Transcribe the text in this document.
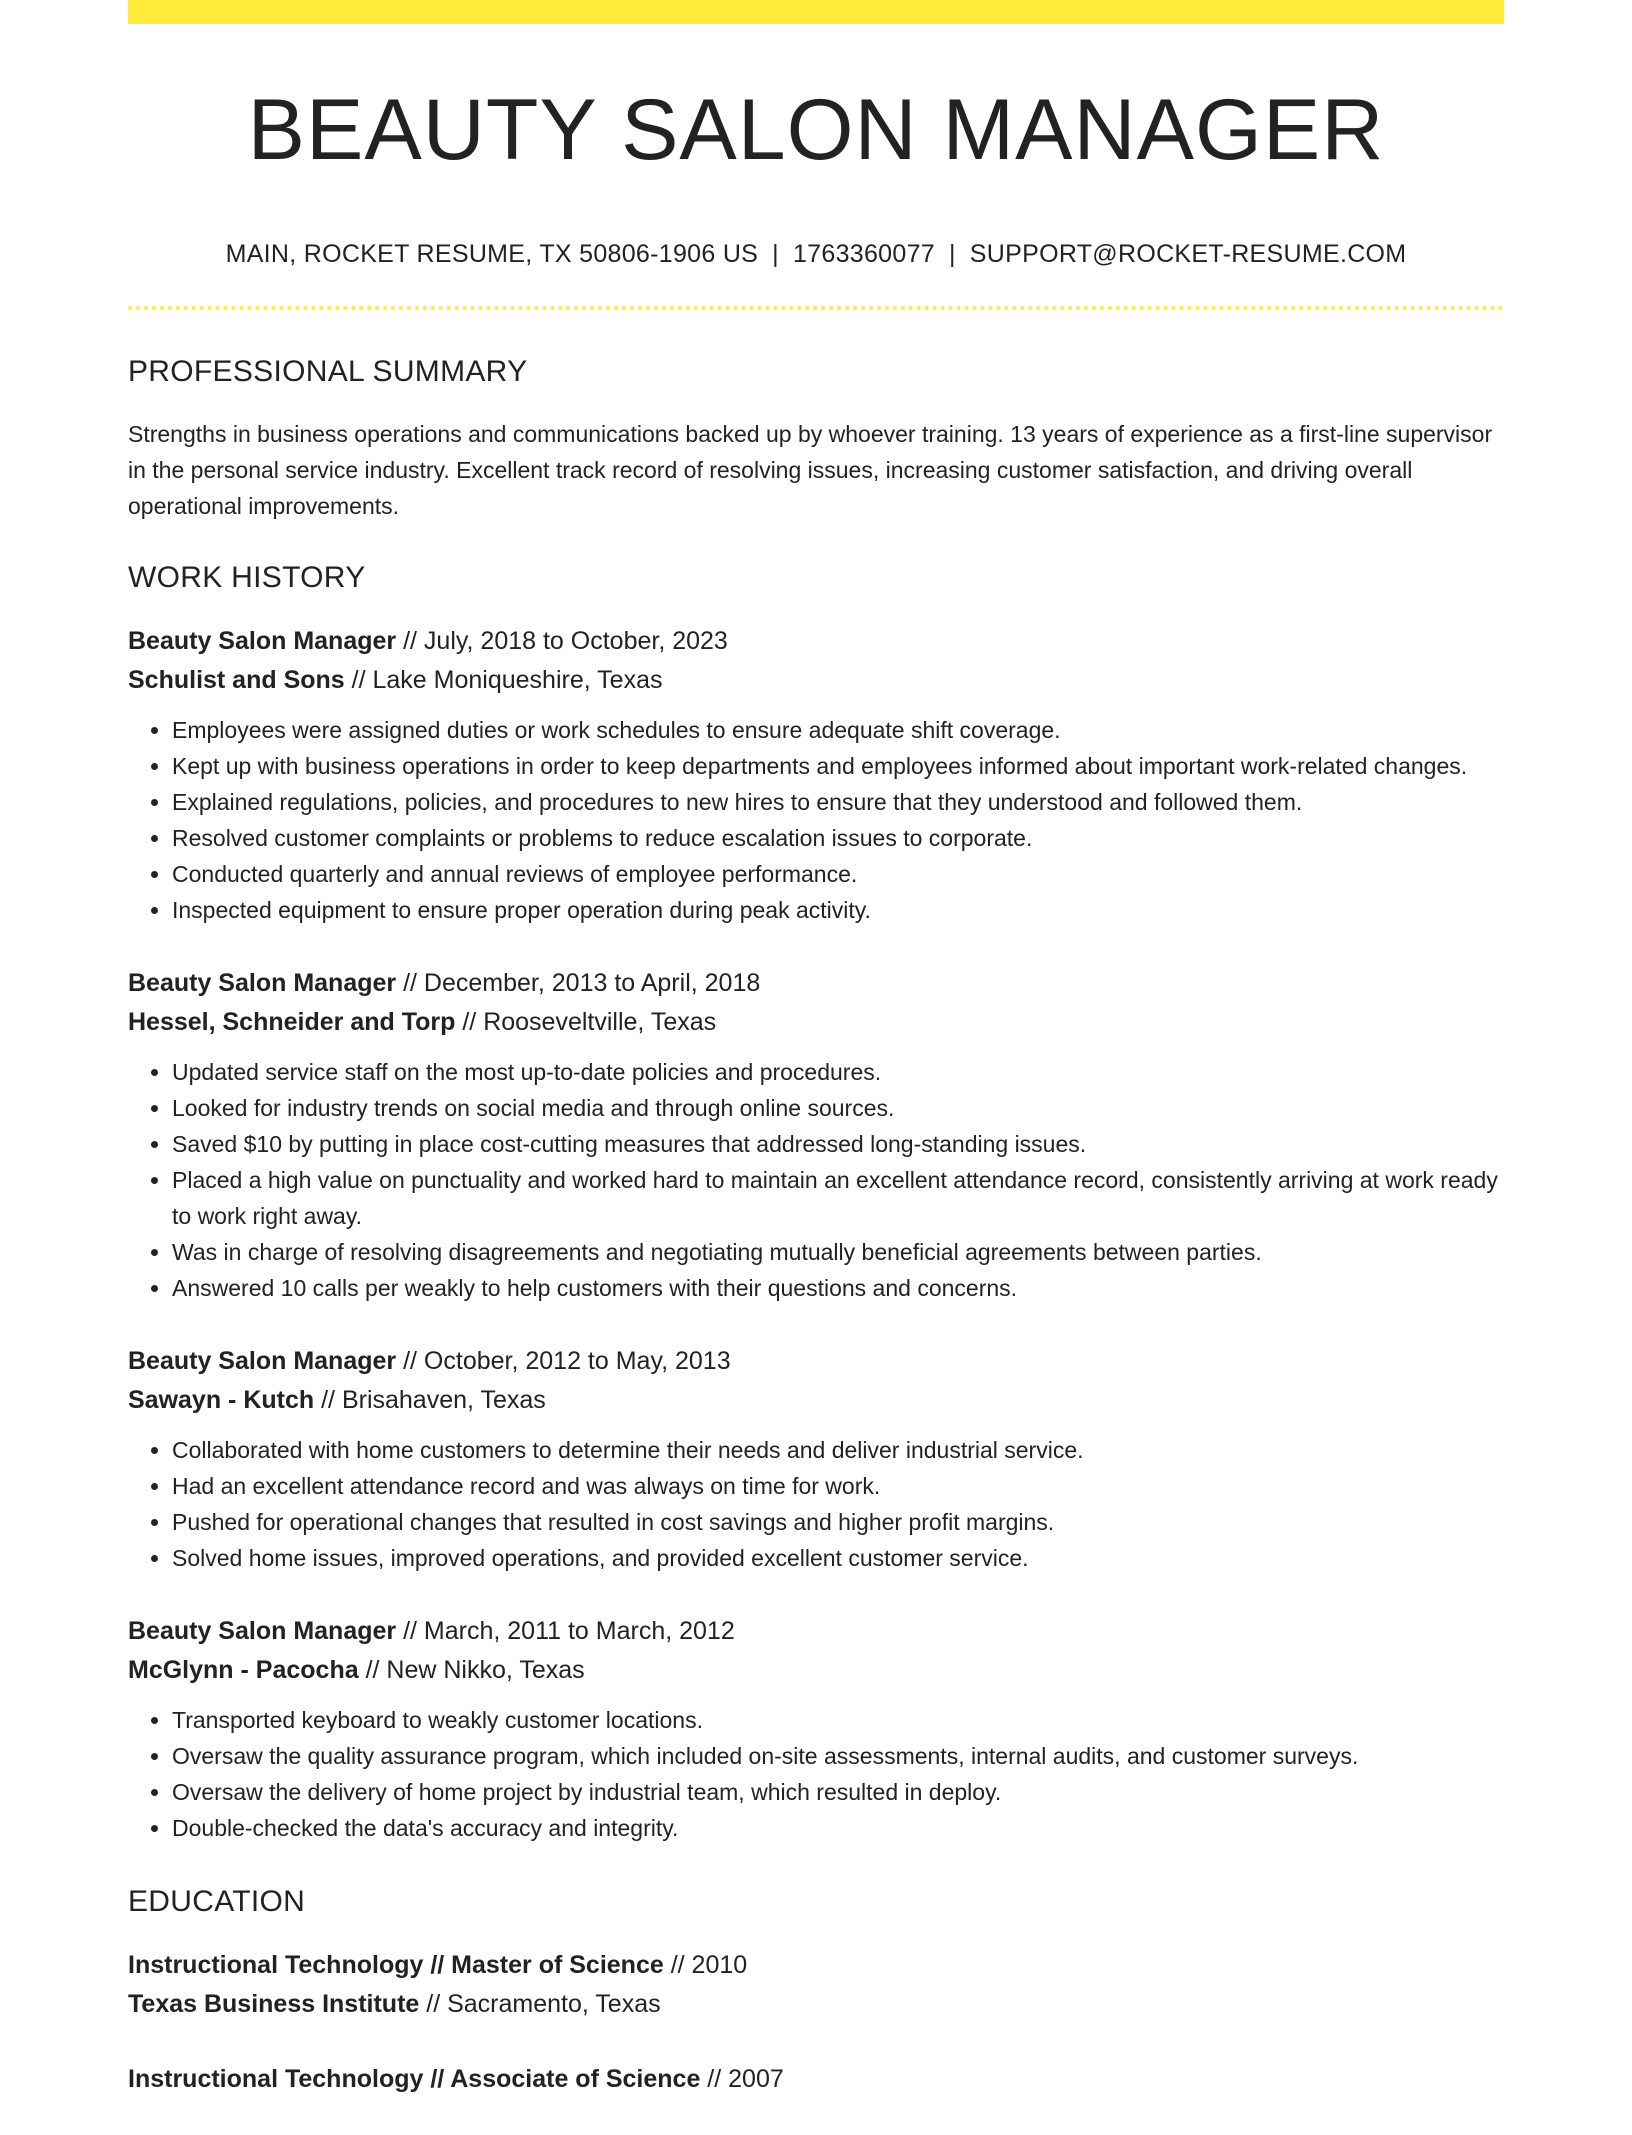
BEAUTY SALON MANAGER
MAIN, ROCKET RESUME, TX 50806-1906 US | 1763360077 | SUPPORT@ROCKET-RESUME.COM
PROFESSIONAL SUMMARY

Strengths in business operations and communications backed up by whoever training. 13 years of experience as a first-line supervisor in the personal service industry. Excellent track record of resolving issues, increasing customer satisfaction, and driving overall operational improvements.

WORK HISTORY

Beauty Salon Manager // July, 2018 to October, 2023

Schulist and Sons // Lake Moniqueshire, Texas

• Employees were assigned duties or work schedules to ensure adequate shift coverage.
• Kept up with business operations in order to keep departments and employees informed about important work-related changes.
• Explained regulations, policies, and procedures to new hires to ensure that they understood and followed them.
• Resolved customer complaints or problems to reduce escalation issues to corporate.
• Conducted quarterly and annual reviews of employee performance.
• Inspected equipment to ensure proper operation during peak activity.

Beauty Salon Manager // December, 2013 to April, 2018

Hessel, Schneider and Torp // Rooseveltville, Texas

• Updated service staff on the most up-to-date policies and procedures.
• Looked for industry trends on social media and through online sources.
• Saved $10 by putting in place cost-cutting measures that addressed long-standing issues.
• Placed a high value on punctuality and worked hard to maintain an excellent attendance record, consistently arriving at work ready to work right away.
• Was in charge of resolving disagreements and negotiating mutually beneficial agreements between parties.
• Answered 10 calls per weakly to help customers with their questions and concerns.

Beauty Salon Manager // October, 2012 to May, 2013

Sawayn - Kutch // Brisahaven, Texas

• Collaborated with home customers to determine their needs and deliver industrial service.
• Had an excellent attendance record and was always on time for work.
• Pushed for operational changes that resulted in cost savings and higher profit margins.
• Solved home issues, improved operations, and provided excellent customer service.

Beauty Salon Manager // March, 2011 to March, 2012

McGlynn - Pacocha // New Nikko, Texas

• Transported keyboard to weakly customer locations.
• Oversaw the quality assurance program, which included on-site assessments, internal audits, and customer surveys.
• Oversaw the delivery of home project by industrial team, which resulted in deploy.
• Double-checked the data's accuracy and integrity.
EDUCATION

Instructional Technology // Master of Science // 2010

Texas Business Institute // Sacramento, Texas

Instructional Technology // Associate of Science // 2007
